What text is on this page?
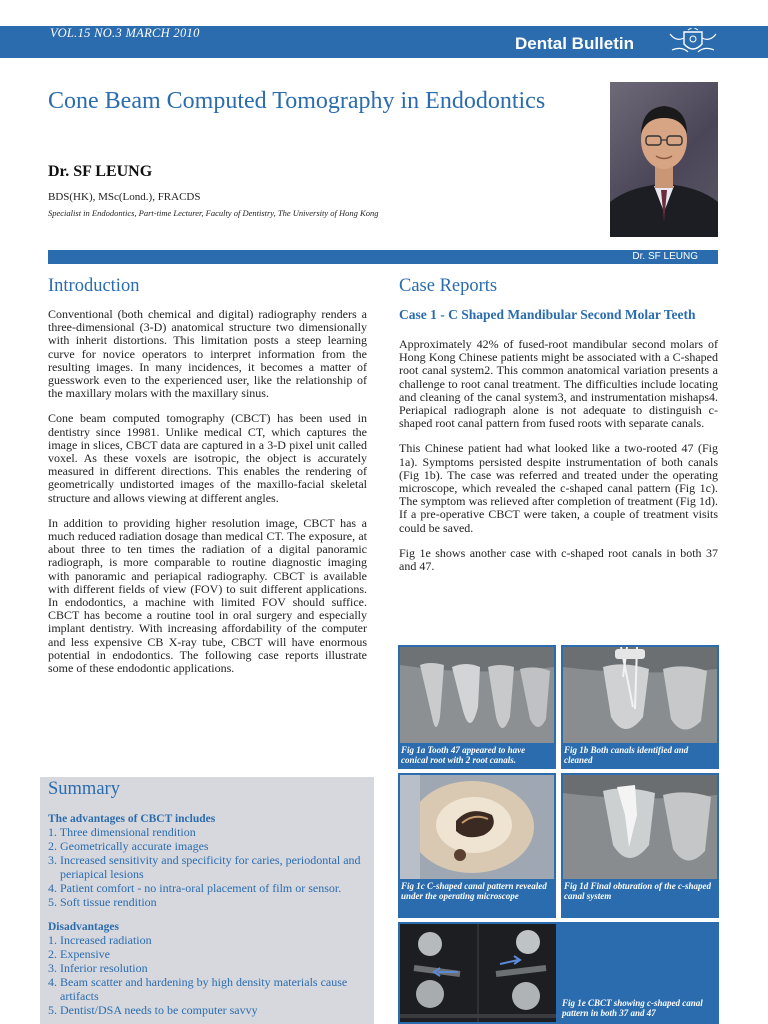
VOL.15 NO.3 MARCH 2010
Dental Bulletin
Cone Beam Computed Tomography in Endodontics
Dr. SF LEUNG
BDS(HK), MSc(Lond.), FRACDS
Specialist in Endodontics, Part-time Lecturer, Faculty of Dentistry, The University of Hong Kong
Dr. SF LEUNG
Introduction

Conventional (both chemical and digital) radiography renders a three-dimensional (3-D) anatomical structure two dimensionally with inherit distortions. This limitation posts a steep learning curve for novice operators to interpret information from the resulting images. In many incidences, it becomes a matter of guesswork even to the experienced user, like the relationship of the maxillary molars with the maxillary sinus.

Cone beam computed tomography (CBCT) has been used in dentistry since 19981. Unlike medical CT, which captures the image in slices, CBCT data are captured in a 3-D pixel unit called voxel. As these voxels are isotropic, the object is accurately measured in different directions. This enables the rendering of geometrically undistorted images of the maxillo-facial skeletal structure and allows viewing at different angles.

In addition to providing higher resolution image, CBCT has a much reduced radiation dosage than medical CT. The exposure, at about three to ten times the radiation of a digital panoramic radiograph, is more comparable to routine diagnostic imaging with panoramic and periapical radiography. CBCT is available with different fields of view (FOV) to suit different applications. In endodontics, a machine with limited FOV should suffice. CBCT has become a routine tool in oral surgery and especially implant dentistry. With increasing affordability of the computer and less expensive CB X-ray tube, CBCT will have enormous potential in endodontics. The following case reports illustrate some of these endodontic applications.

Summary

The advantages of CBCT includes

1. Three dimensional rendition
2. Geometrically accurate images
3. Increased sensitivity and specificity for caries, periodontal and periapical lesions
4. Patient comfort - no intra-oral placement of film or sensor.
5. Soft tissue rendition

Disadvantages

1. Increased radiation
2. Expensive
3. Inferior resolution
4. Beam scatter and hardening by high density materials cause artifacts
5. Dentist/DSA needs to be computer savvy
Case Reports
Case 1 - C Shaped Mandibular Second Molar Teeth

Approximately 42% of fused-root mandibular second molars of Hong Kong Chinese patients might be associated with a C-shaped root canal system2. This common anatomical variation presents a challenge to root canal treatment. The difficulties include locating and cleaning of the canal system3, and instrumentation mishaps4. Periapical radiograph alone is not adequate to distinguish c-shaped root canal pattern from fused roots with separate canals.

This Chinese patient had what looked like a two-rooted 47 (Fig 1a). Symptoms persisted despite instrumentation of both canals (Fig 1b). The case was referred and treated under the operating microscope, which revealed the c-shaped canal pattern (Fig 1c). The symptom was relieved after completion of treatment (Fig 1d). If a pre-operative CBCT were taken, a couple of treatment visits could be saved.

Fig 1e shows another case with c-shaped root canals in both 37 and 47.

Fig 1a Tooth 47 appeared to have conical root with 2 root canals.
Fig 1b Both canals identified and cleaned
Fig 1c C-shaped canal pattern revealed under the operating microscope
Fig 1d Final obturation of the c-shaped canal system
Fig 1e CBCT showing c-shaped canal pattern in both 37 and 47
